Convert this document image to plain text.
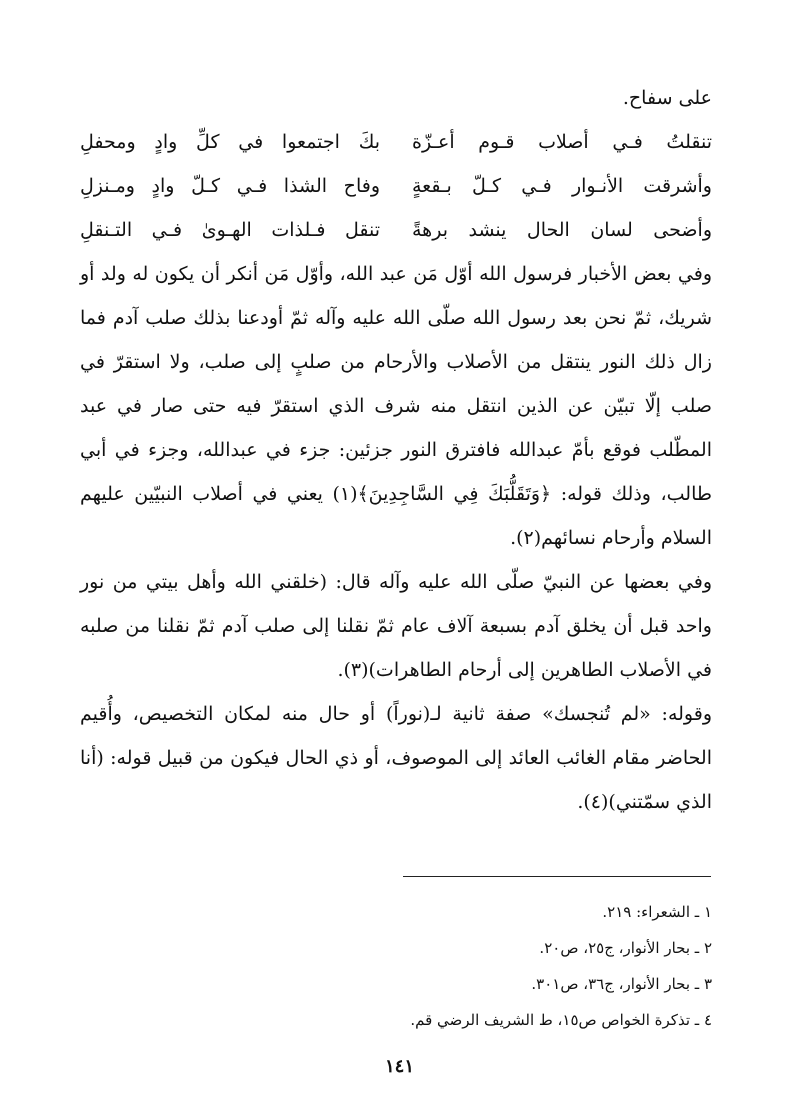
على سفاح.

تنقلتُ فـي أصلاب قـوم أعـزّة
بكَ اجتمعوا في كلِّ وادٍ ومحفلِ
وأشرقت الأنـوار فـي كـلّ بـقعةٍ
وفاح الشذا فـي كـلّ وادٍ ومـنزلِ
وأضحى لسان الحال ينشد برهةً
تنقل فـلذات الهـوىٰ فـي التـنقلِ

وفي بعض الأخبار فرسول الله أوّل مَن عبد الله، وأوّل مَن أنكر أن يكون له ولد أو شريك، ثمّ نحن بعد رسول الله صلّى الله عليه وآله ثمّ أودعنا بذلك صلب آدم فما زال ذلك النور ينتقل من الأصلاب والأرحام من صلبٍ إلى صلب، ولا استقرّ في صلب إلّا تبيّن عن الذين انتقل منه شرف الذي استقرّ فيه حتى صار في عبد المطّلب فوقع بأمّ عبدالله فافترق النور جزئين: جزء في عبدالله، وجزء في أبي طالب، وذلك قوله: ﴿وَتَقَلُّبَكَ فِي السَّاجِدِينَ﴾(١) يعني في أصلاب النبيّين عليهم السلام وأرحام نسائهم(٢).

وفي بعضها عن النبيّ صلّى الله عليه وآله قال: (خلقني الله وأهل بيتي من نور واحد قبل أن يخلق آدم بسبعة آلاف عام ثمّ نقلنا إلى صلب آدم ثمّ نقلنا من صلبه في الأصلاب الطاهرين إلى أرحام الطاهرات)(٣).

وقوله: «لم تُنجسك» صفة ثانية لـ(نوراً) أو حال منه لمكان التخصيص، وأُقيم الحاضر مقام الغائب العائد إلى الموصوف، أو ذي الحال فيكون من قبيل قوله: (أنا الذي سمّتني)(٤).

١ ـ الشعراء: ٢١٩.

٢ ـ بحار الأنوار، ج٢٥، ص٢٠.

٣ ـ بحار الأنوار، ج٣٦، ص٣٠١.

٤ ـ تذكرة الخواص ص١٥، ط الشريف الرضي قم.

١٤١
